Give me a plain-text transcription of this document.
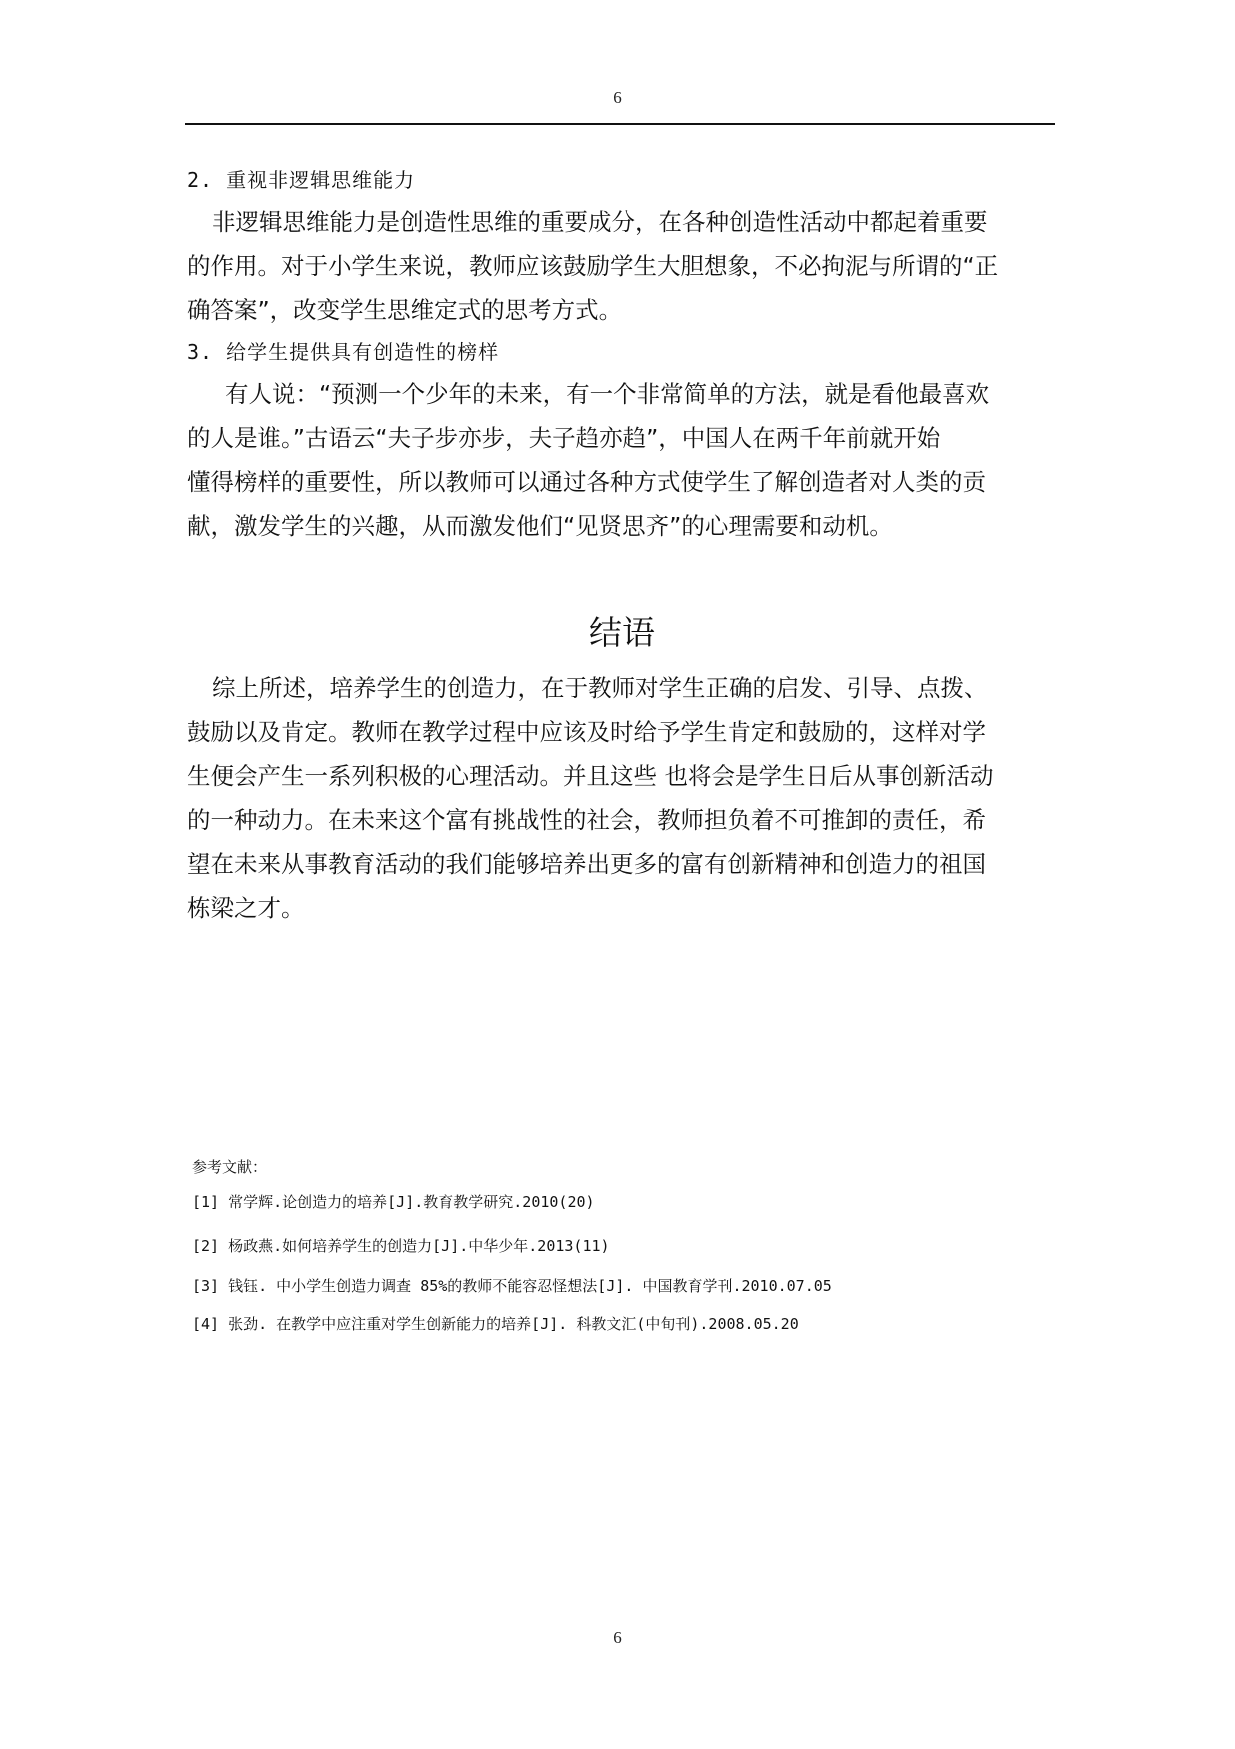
6
2. 重视非逻辑思维能力
非逻辑思维能力是创造性思维的重要成分，在各种创造性活动中都起着重要
的作用。对于小学生来说，教师应该鼓励学生大胆想象，不必拘泥与所谓的“正
确答案”，改变学生思维定式的思考方式。
3. 给学生提供具有创造性的榜样
有人说：“预测一个少年的未来，有一个非常简单的方法，就是看他最喜欢
的人是谁。”古语云“夫子步亦步，夫子趋亦趋”，中国人在两千年前就开始
懂得榜样的重要性，所以教师可以通过各种方式使学生了解创造者对人类的贡
献，激发学生的兴趣，从而激发他们“见贤思齐”的心理需要和动机。
结语
综上所述，培养学生的创造力，在于教师对学生正确的启发、引导、点拨、
鼓励以及肯定。教师在教学过程中应该及时给予学生肯定和鼓励的，这样对学
生便会产生一系列积极的心理活动。并且这些 也将会是学生日后从事创新活动
的一种动力。在未来这个富有挑战性的社会，教师担负着不可推卸的责任，希
望在未来从事教育活动的我们能够培养出更多的富有创新精神和创造力的祖国
栋梁之才。
参考文献：
[1] 常学辉.论创造力的培养[J].教育教学研究.2010(20)
[2] 杨政燕.如何培养学生的创造力[J].中华少年.2013(11)
[3] 钱钰. 中小学生创造力调查 85%的教师不能容忍怪想法[J]. 中国教育学刊.2010.07.05
[4] 张劲. 在教学中应注重对学生创新能力的培养[J]. 科教文汇(中旬刊).2008.05.20
6
